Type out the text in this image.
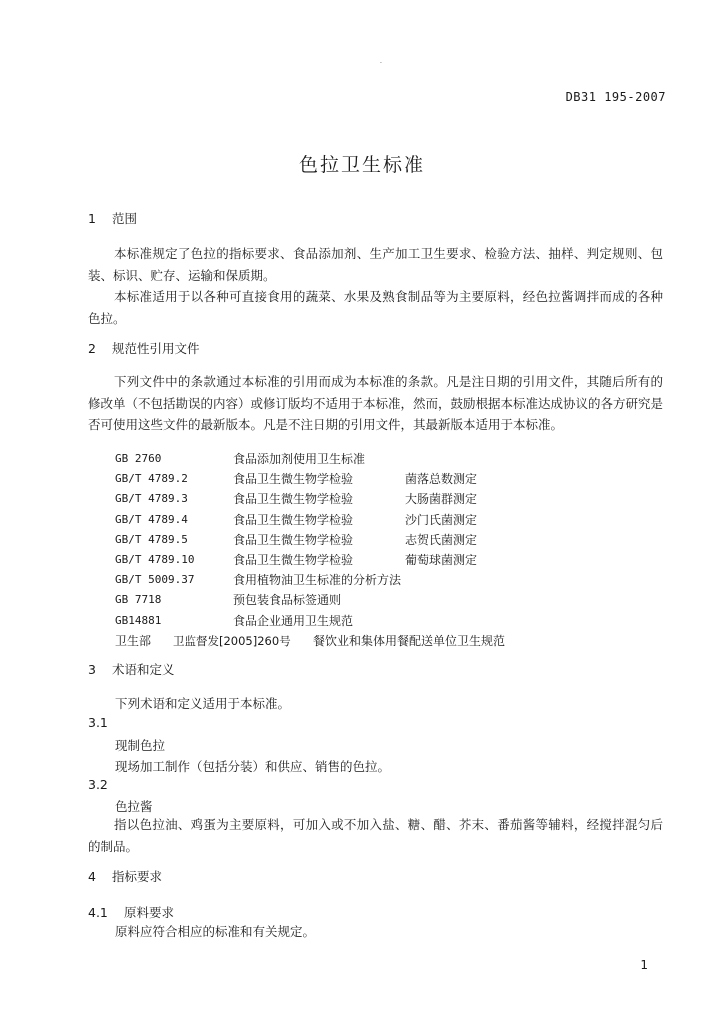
·
DB31 195-2007
色拉卫生标准
1 范围

本标准规定了色拉的指标要求、食品添加剂、生产加工卫生要求、检验方法、抽样、判定规则、包装、标识、贮存、运输和保质期。

本标准适用于以各种可直接食用的蔬菜、水果及熟食制品等为主要原料，经色拉酱调拌而成的各种色拉。

2 规范性引用文件

下列文件中的条款通过本标准的引用而成为本标准的条款。凡是注日期的引用文件，其随后所有的修改单（不包括勘误的内容）或修订版均不适用于本标准，然而，鼓励根据本标准达成协议的各方研究是否可使用这些文件的最新版本。凡是不注日期的引用文件，其最新版本适用于本标准。

GB 2760	食品添加剂使用卫生标准
GB/T 4789.2	食品卫生微生物学检验	菌落总数测定
GB/T 4789.3	食品卫生微生物学检验	大肠菌群测定
GB/T 4789.4	食品卫生微生物学检验	沙门氏菌测定
GB/T 4789.5	食品卫生微生物学检验	志贺氏菌测定
GB/T 4789.10	食品卫生微生物学检验	葡萄球菌测定
GB/T 5009.37	食用植物油卫生标准的分析方法
GB 7718	预包装食品标签通则
GB14881	食品企业通用卫生规范
卫生部	卫监督发[2005]260号	餐饮业和集体用餐配送单位卫生规范
3 术语和定义
下列术语和定义适用于本标准。
3.1
现制色拉
现场加工制作（包括分装）和供应、销售的色拉。
3.2
色拉酱

指以色拉油、鸡蛋为主要原料，可加入或不加入盐、糖、醋、芥末、番茄酱等辅料，经搅拌混匀后的制品。

4 指标要求
4.1 原料要求
原料应符合相应的标准和有关规定。
1
